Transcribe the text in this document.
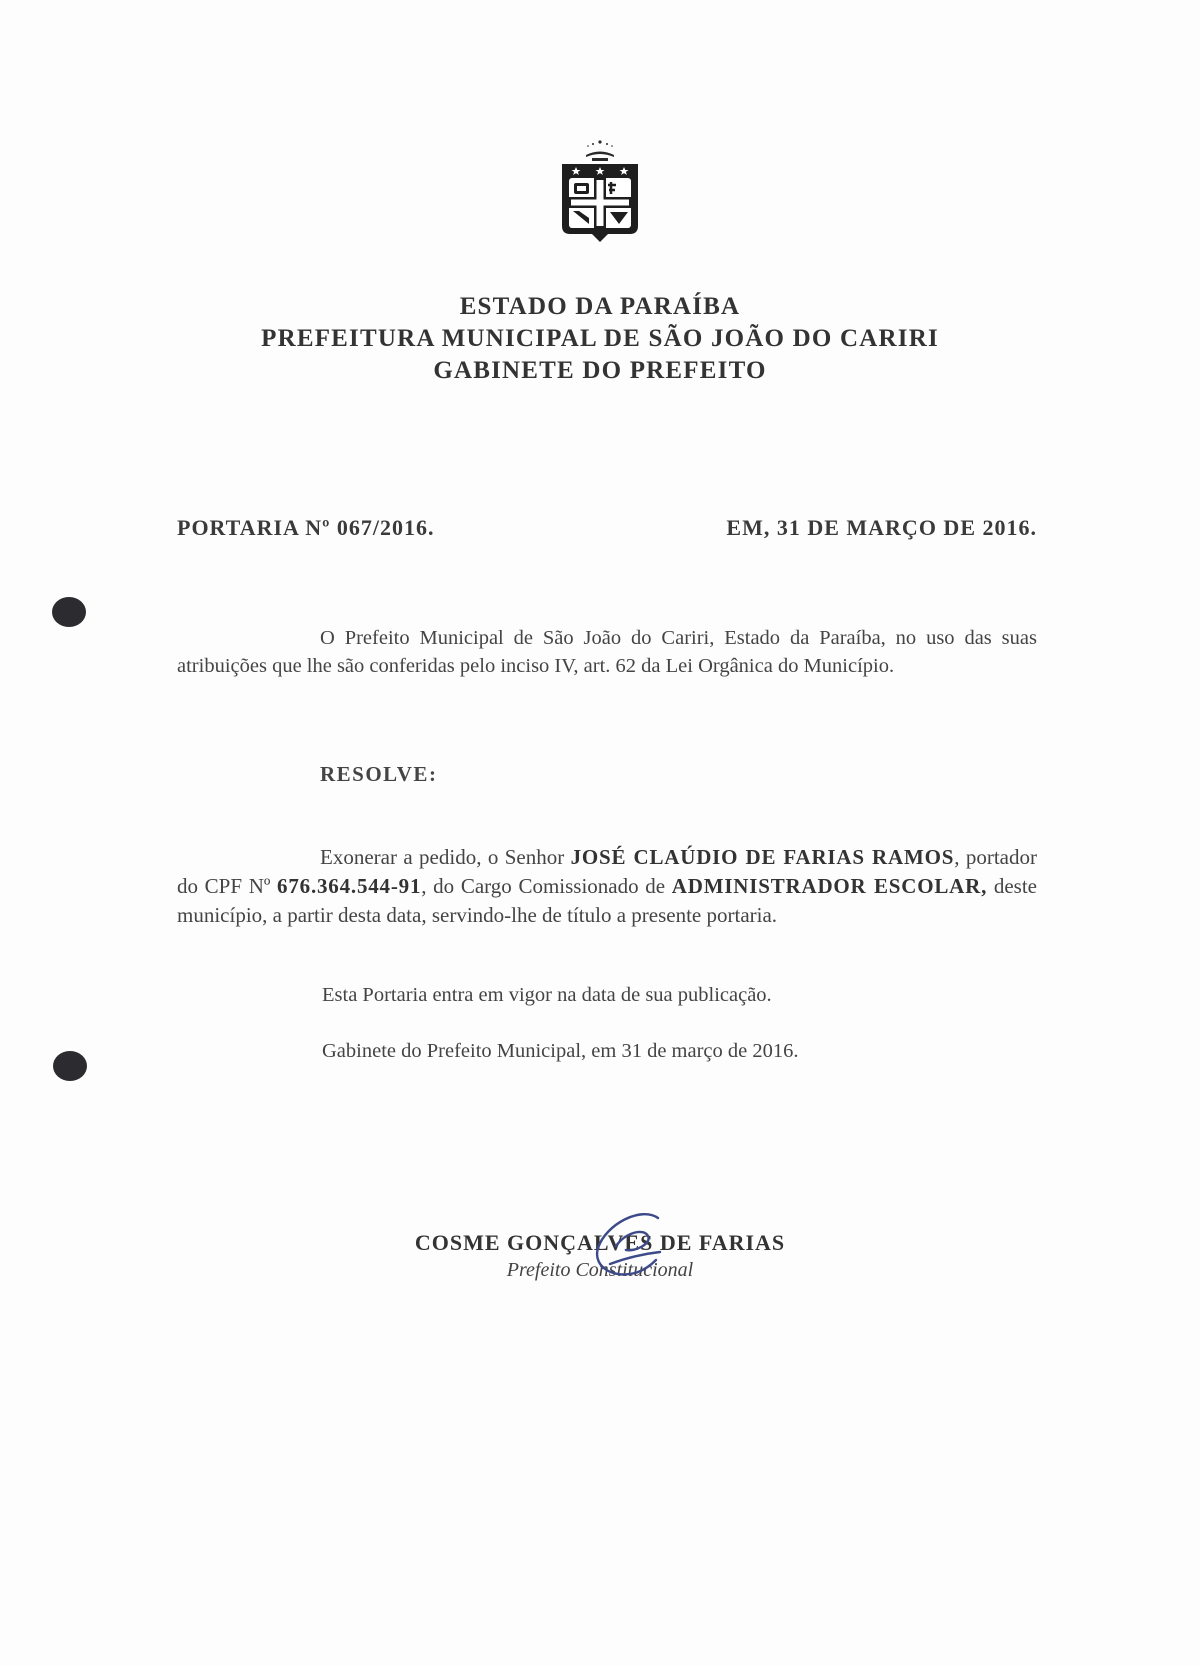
ESTADO DA PARAÍBA
PREFEITURA MUNICIPAL DE SÃO JOÃO DO CARIRI
GABINETE DO PREFEITO
PORTARIA Nº 067/2016.	EM, 31 DE MARÇO DE 2016.
O Prefeito Municipal de São João do Cariri, Estado da Paraíba, no uso das suas atribuições que lhe são conferidas pelo inciso IV, art. 62 da Lei Orgânica do Município.
RESOLVE:
Exonerar a pedido, o Senhor JOSÉ CLAÚDIO DE FARIAS RAMOS, portador do CPF Nº 676.364.544-91, do Cargo Comissionado de ADMINISTRADOR ESCOLAR, deste município, a partir desta data, servindo-lhe de título a presente portaria.
Esta Portaria entra em vigor na data de sua publicação.
Gabinete do Prefeito Municipal, em 31 de março de 2016.
COSME GONÇALVES DE FARIAS
Prefeito Constitucional
